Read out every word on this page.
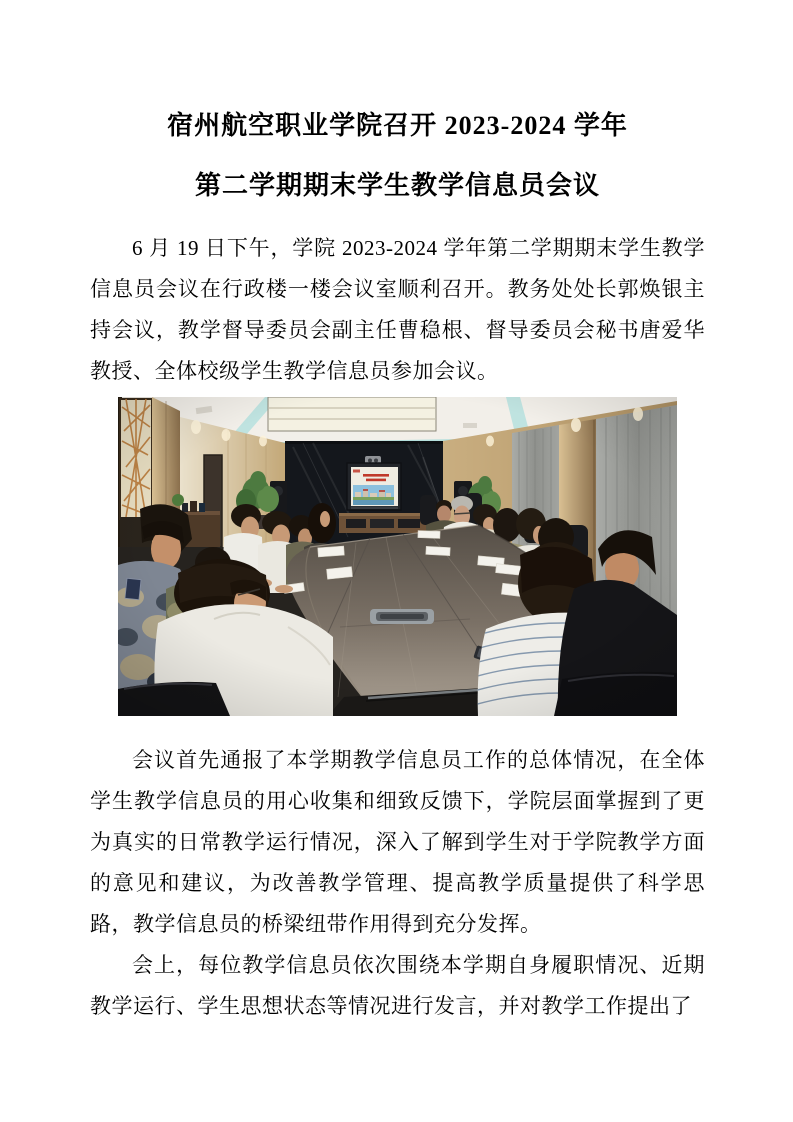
宿州航空职业学院召开 2023-2024 学年
第二学期期末学生教学信息员会议

6 月 19 日下午，学院 2023-2024 学年第二学期期末学生教学信息员会议在行政楼一楼会议室顺利召开。教务处处长郭焕银主持会议，教学督导委员会副主任曹稳根、督导委员会秘书唐爱华教授、全体校级学生教学信息员参加会议。

会议首先通报了本学期教学信息员工作的总体情况，在全体学生教学信息员的用心收集和细致反馈下，学院层面掌握到了更为真实的日常教学运行情况，深入了解到学生对于学院教学方面的意见和建议，为改善教学管理、提高教学质量提供了科学思路，教学信息员的桥梁纽带作用得到充分发挥。

会上，每位教学信息员依次围绕本学期自身履职情况、近期教学运行、学生思想状态等情况进行发言，并对教学工作提出了
